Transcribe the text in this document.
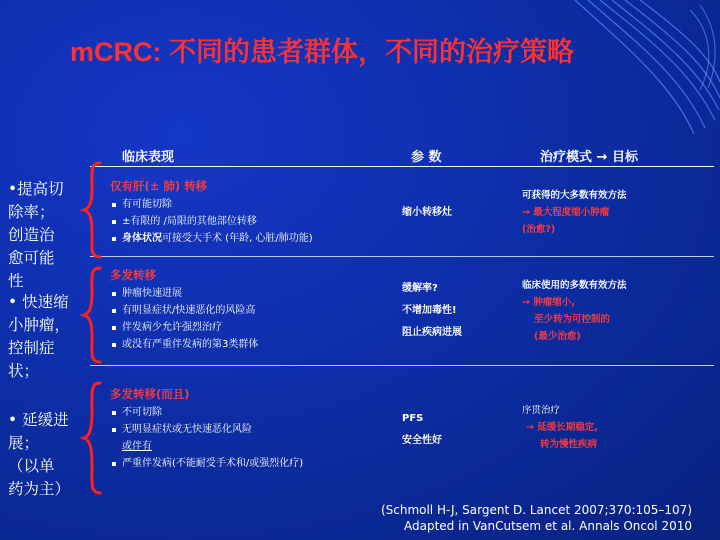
mCRC: 不同的患者群体，不同的治疗策略
临床表现	参 数	治疗模式 → 目标
仅有肝(± 肺) 转移
有可能切除
±有限的 /局限的其他部位转移
身体状况可接受大手术 (年龄, 心脏/肺功能)
缩小转移灶
可获得的大多数有效方法
→ 最大程度缩小肿瘤
(治愈?)
多发转移
肿瘤快速进展
有明显症状/快速恶化的风险高
伴发病少允许强烈治疗
或没有严重伴发病的第3类群体
缓解率?
不增加毒性!
阻止疾病进展
临床使用的多数有效方法
→ 肿瘤缩小,
至少转为可控制的
(最少治愈)
多发转移(而且)
不可切除
无明显症状或无快速恶化风险
或伴有
严重伴发病(不能耐受手术和/或强烈化疗)
PFS
安全性好
序贯治疗
→ 延缓长期稳定,
转为慢性疾病
•提高切
除率；
创造治
愈可能
性
• 快速缩
小肿瘤，
控制症
状；
• 延缓进
展；
（以单
药为主）
(Schmoll H-J, Sargent D. Lancet 2007;370:105–107)
Adapted in VanCutsem et al. Annals Oncol 2010
